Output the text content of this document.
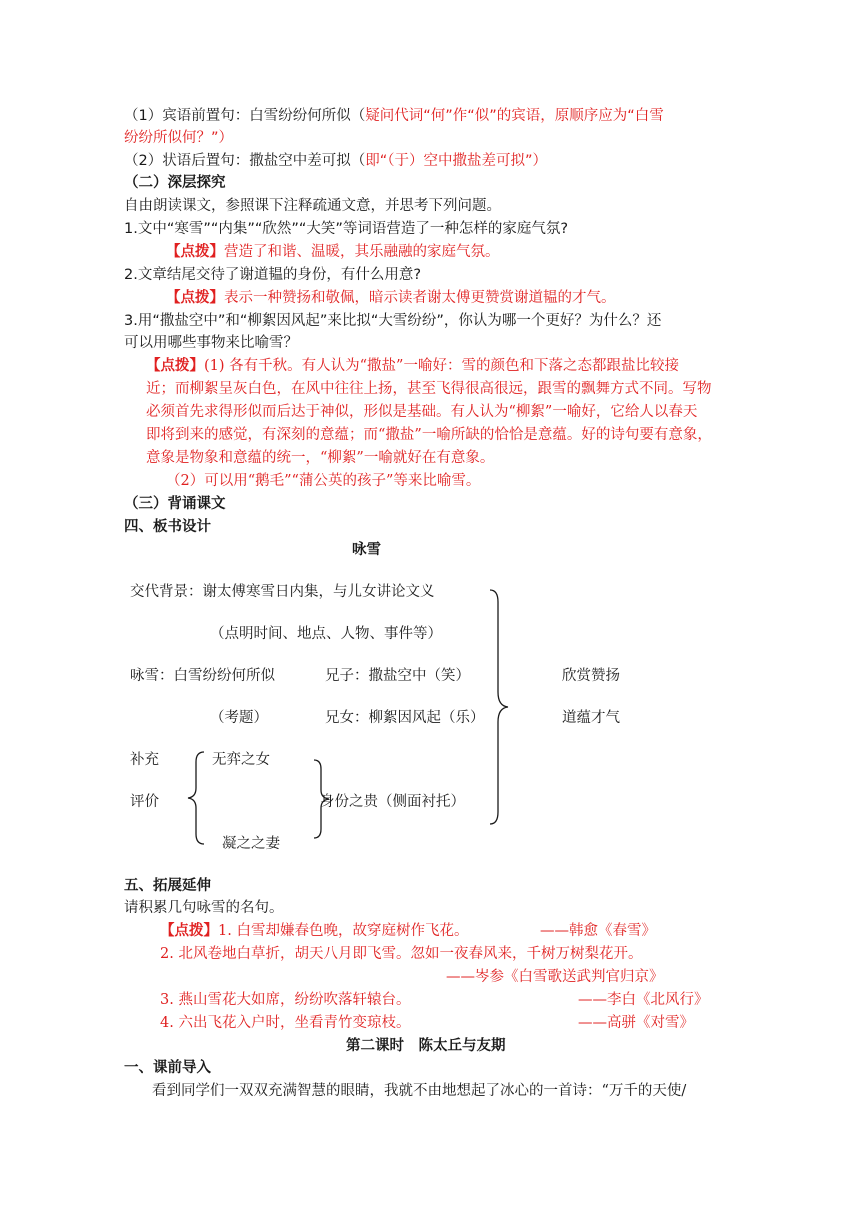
（1）宾语前置句：白雪纷纷何所似（疑问代词“何”作“似”的宾语，原顺序应为“白雪
纷纷所似何？”）
（2）状语后置句：撒盐空中差可拟（即“（于）空中撒盐差可拟”）
（二）深层探究
自由朗读课文，参照课下注释疏通文意，并思考下列问题。
1.文中“寒雪”“内集”“欣然”“大笑”等词语营造了一种怎样的家庭气氛?
【点拨】营造了和谐、温暖，其乐融融的家庭气氛。
2.文章结尾交待了谢道韫的身份，有什么用意?
【点拨】表示一种赞扬和敬佩，暗示读者谢太傅更赞赏谢道韫的才气。
3.用“撒盐空中”和“柳絮因风起”来比拟“大雪纷纷”，你认为哪一个更好？为什么？还
可以用哪些事物来比喻雪？
【点拨】(1) 各有千秋。有人认为“撒盐”一喻好：雪的颜色和下落之态都跟盐比较接
近；而柳絮呈灰白色，在风中往往上扬，甚至飞得很高很远，跟雪的飘舞方式不同。写物
必须首先求得形似而后达于神似，形似是基础。有人认为“柳絮”一喻好，它给人以春天
即将到来的感觉，有深刻的意蕴；而“撒盐”一喻所缺的恰恰是意蕴。好的诗句要有意象，
意象是物象和意蕴的统一，“柳絮”一喻就好在有意象。
（2）可以用“鹅毛”“蒲公英的孩子”等来比喻雪。
（三）背诵课文
四、板书设计
咏雪
交代背景：谢太傅寒雪日内集，与儿女讲论文义
（点明时间、地点、人物、事件等）
咏雪：白雪纷纷何所似	兄子：撒盐空中（笑）	欣赏赞扬
（考题）	兄女：柳絮因风起（乐）	道蕴才气
补充	无弈之女
评价	身份之贵（侧面衬托）
凝之之妻
五、拓展延伸
请积累几句咏雪的名句。
【点拨】1. 白雪却嫌春色晚，故穿庭树作飞花。	——韩愈《春雪》
2. 北风卷地白草折，胡天八月即飞雪。忽如一夜春风来，千树万树梨花开。
——岑参《白雪歌送武判官归京》
3. 燕山雪花大如席，纷纷吹落轩辕台。	——李白《北风行》
4. 六出飞花入户时，坐看青竹变琼枝。	——高骈《对雪》
第二课时　陈太丘与友期
一、课前导入
看到同学们一双双充满智慧的眼睛，我就不由地想起了冰心的一首诗：“万千的天使/
